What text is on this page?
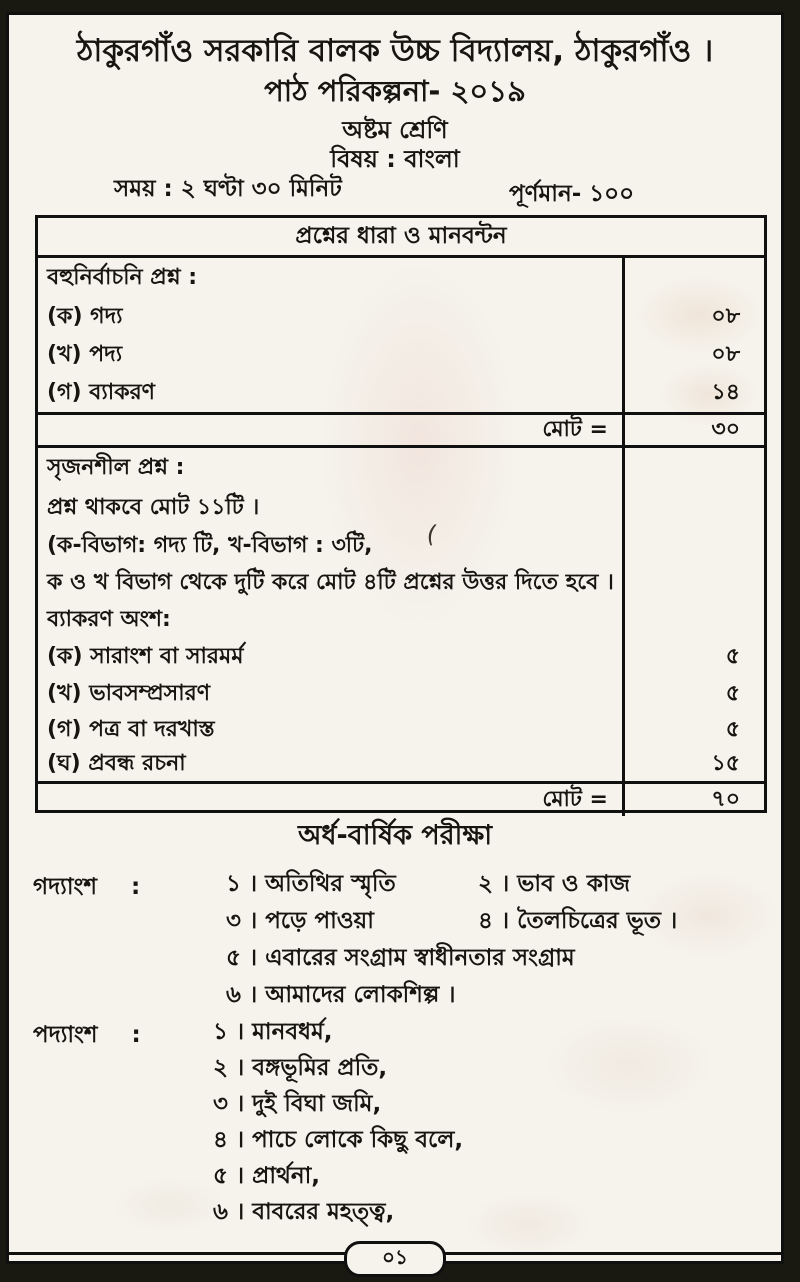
ঠাকুরগাঁও সরকারি বালক উচ্চ বিদ্যালয়, ঠাকুরগাঁও ।
পাঠ পরিকল্পনা- ২০১৯
অষ্টম শ্রেণি
বিষয় : বাংলা
সময় : ২ ঘণ্টা ৩০ মিনিট	পূর্ণমান- ১০০
প্রশ্নের ধারা ও মানবন্টন
বহুনির্বাচনি প্রশ্ন :
(ক) গদ্য	০৮
(খ) পদ্য	০৮
(গ) ব্যাকরণ	১৪
মোট =	৩০
সৃজনশীল প্রশ্ন :
প্রশ্ন থাকবে মোট ১১টি ।
(ক-বিভাগ: গদ্য টি, খ-বিভাগ : ৩টি,
ক ও খ বিভাগ থেকে দুটি করে মোট ৪টি প্রশ্নের উত্তর দিতে হবে ।
ব্যাকরণ অংশ:
(ক) সারাংশ বা সারমর্ম	৫
(খ) ভাবসম্প্রসারণ	৫
(গ) পত্র বা দরখাস্ত	৫
(ঘ) প্রবন্ধ রচনা	১৫
মোট =	৭০
(
অর্ধ-বার্ষিক পরীক্ষা
গদ্যাংশ :	১ । অতিথির স্মৃতি	২ । ভাব ও কাজ
৩ । পড়ে পাওয়া	৪ । তৈলচিত্রের ভূত ।
৫ । এবারের সংগ্রাম স্বাধীনতার সংগ্রাম
৬ । আমাদের লোকশিল্প ।
পদ্যাংশ :	১ । মানবধর্ম,
২ । বঙ্গভূমির প্রতি,
৩ । দুই বিঘা জমি,
৪ । পাচে লোকে কিছু বলে,
৫ । প্রার্থনা,
৬ । বাবরের মহত্ত্ব,
০১
